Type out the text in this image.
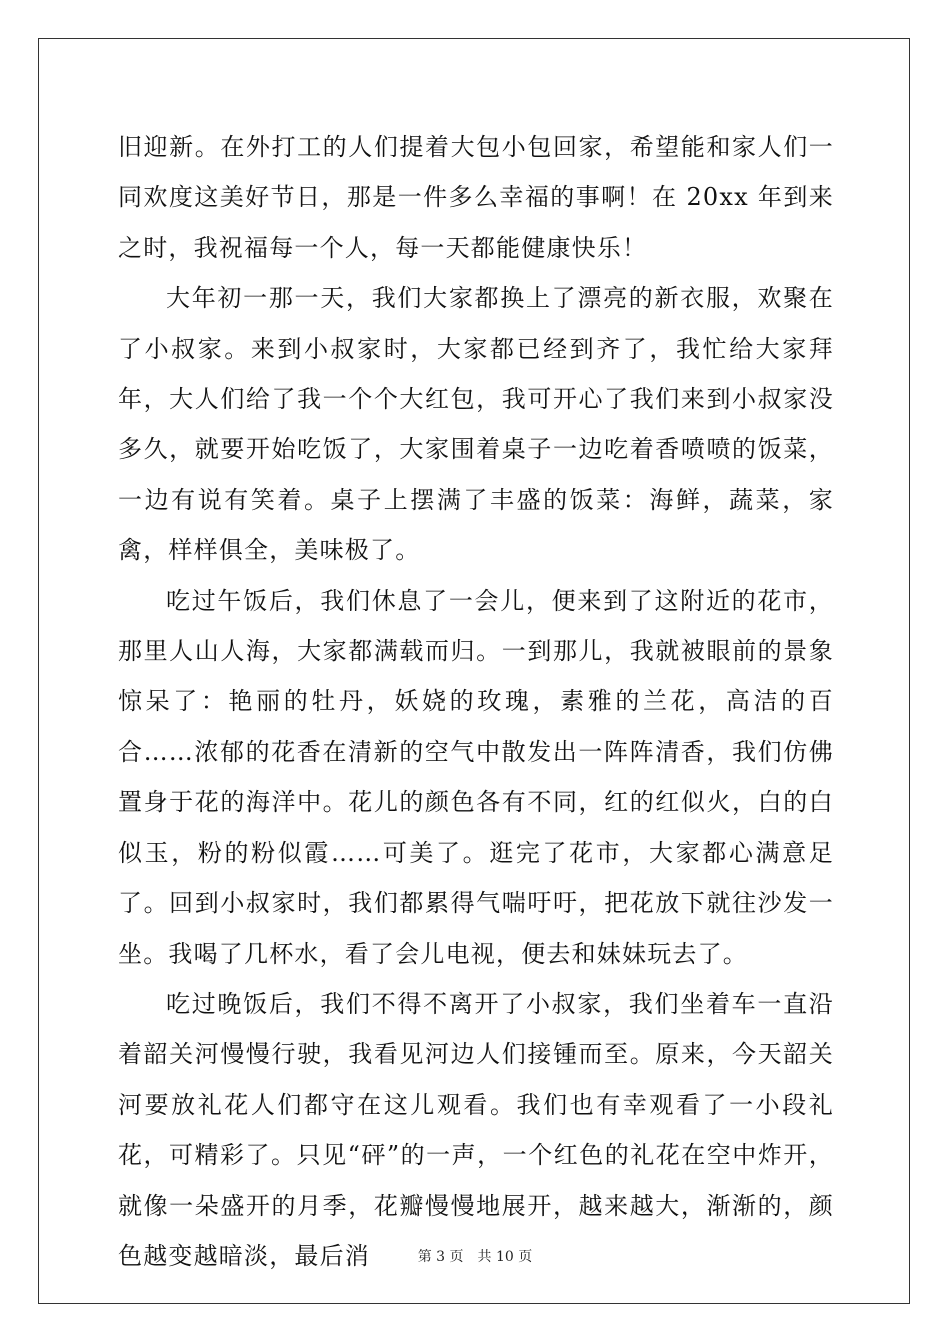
旧迎新。在外打工的人们提着大包小包回家，希望能和家人们一同欢度这美好节日，那是一件多么幸福的事啊！在 20xx 年到来之时，我祝福每一个人，每一天都能健康快乐！

大年初一那一天，我们大家都换上了漂亮的新衣服，欢聚在了小叔家。来到小叔家时，大家都已经到齐了，我忙给大家拜年，大人们给了我一个个大红包，我可开心了我们来到小叔家没多久，就要开始吃饭了，大家围着桌子一边吃着香喷喷的饭菜，一边有说有笑着。桌子上摆满了丰盛的饭菜：海鲜，蔬菜，家禽，样样俱全，美味极了。

吃过午饭后，我们休息了一会儿，便来到了这附近的花市，那里人山人海，大家都满载而归。一到那儿，我就被眼前的景象惊呆了：艳丽的牡丹，妖娆的玫瑰，素雅的兰花，高洁的百合……浓郁的花香在清新的空气中散发出一阵阵清香，我们仿佛置身于花的海洋中。花儿的颜色各有不同，红的红似火，白的白似玉，粉的粉似霞……可美了。逛完了花市，大家都心满意足了。回到小叔家时，我们都累得气喘吁吁，把花放下就往沙发一坐。我喝了几杯水，看了会儿电视，便去和妹妹玩去了。

吃过晚饭后，我们不得不离开了小叔家，我们坐着车一直沿着韶关河慢慢行驶，我看见河边人们接锺而至。原来，今天韶关河要放礼花人们都守在这儿观看。我们也有幸观看了一小段礼花，可精彩了。只见“砰”的一声，一个红色的礼花在空中炸开，就像一朵盛开的月季，花瓣慢慢地展开，越来越大，渐渐的，颜色越变越暗淡，最后消	第 3 页　共 10 页
